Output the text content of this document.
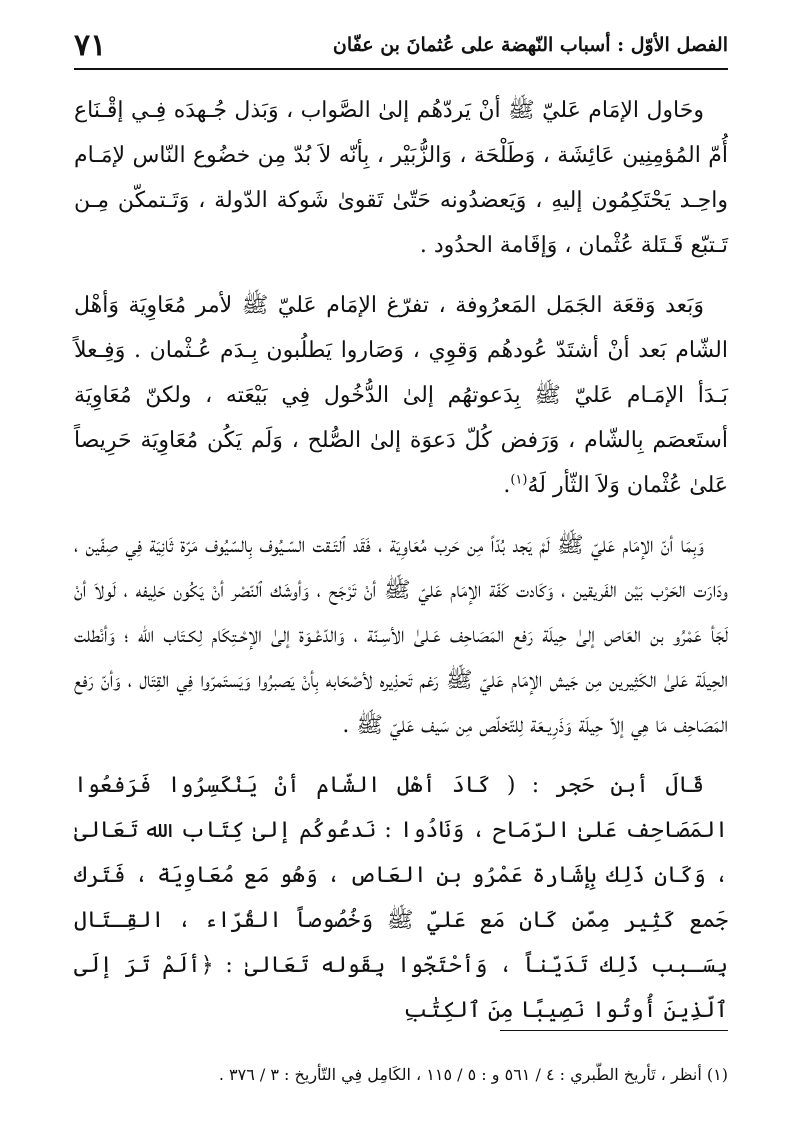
الفصل الأوّل : أسباب النّهضة على عُثمانَ بن عفّان
٧١

وحَاول الإمَام عَليّ ﷺ أنْ يَردّهُم إلىٰ الصَّواب ، وَبَذل جُـهدَه فِـي إقْـنَاع أُمّ المُؤمِنِين عَائِشَة ، وَطَلْحَة ، وَالزُّبَيْر ، بِأنّه لاَ بُدّ مِن خضُوع النّاس لإمَـام واحِـد يَحْتَكِمُون إليهِ ، وَيَعضدُونه حَتّىٰ تَقوىٰ شَوكة الدّولة ، وَتَـتمكّن مِـن تَـتبّع قَـتَلة عُثْمان ، وَإقَامة الحدُود .

وَبَعد وَقعَة الجَمَل المَعرُوفة ، تفرّغ الإمَام عَليّ ﷺ لأمر مُعَاوِيَة وَأهْل الشّام بَعد أنْ أشتَدّ عُودهُم وَقوِي ، وَصَاروا يَطلُبون بِـدَم عُـثْمان . وَفِـعلاً بَـدَأ الإمَـام عَليّ ﷺ بِدَعوتهُم إلىٰ الدُّخُول فِي بَيْعَته ، ولكنّ مُعَاوِيَة أستَعصَم بِالشّام ، وَرَفض كُلّ دَعوَة إلىٰ الصُّلح ، وَلَم يَكُن مُعَاوِيَة حَرِيصاً عَلىٰ عُثْمان وَلاَ الثّأر لَهُ$^{(١)}$.

وَبِمَا أنّ الإمَام عَليّ ﷺ لَمْ يَجد بُدّاً مِن حَرب مُعَاوِيَة ، فَقَد ٱلتَـقت السّـيُوف بِالسّيُوف مَرّة ثَانِيَة فِي صِفّين ، ودَارَت الحَرْب بَيْن الفَريقين ، وَكَادت كَفّة الإمَام عَليّ ﷺ أنْ تَرْجَح ، وَأوشَك ٱلنّصْر أنْ يَكُون حَلِيفه ، لَولاَ أنْ لَجَأ عَمْرُو بن العَاص إلىٰ حِيلَة رَفع المَصَاحِف عَـلىٰ الأسِـنّة ، وَالدّعْـوَة إلىٰ الإحْـتِكَام لِكـتَاب الله ؛ وَأنْطلت الحِيلَة عَلىٰ الكَثِيرين مِن جَيش الإمَام عَليّ ﷺ رَغم تَحذِيره لأصْحَابه بِأنْ يَصبرُوا وَيَستَمرّوا فِي القِتَال ، وَأنّ رَفع المَصَاحِف مَا هِي إلاّ حِيلَة وَذَرِيـعَة لِلتّخلّص مِن سَيف عَليّ ﷺ .

قَالَ أبن حَجر : ( كَادَ أهْل الشّام أنْ يَنْكَسِرُوا فَرَفعُوا المَصَاحِف عَلىٰ الرّمَاح ، وَنَادُوا : نَدعُوكُم إلىٰ كِتَاب الله تَعَالىٰ ، وَكَان ذَلِك بِإشَارة عَمْرُو بن العَاص ، وَهُو مَع مُعَاوِيَة ، فَتَرك جَمع كَثِير مِمّن كَان مَع عَليّ ﷺ وَخُصُوصاً القُرّاء ، القِـتَال بِسَـبب ذَلِك تَدَيّناً ، وَأحْتَجّوا بِقَوله تَعَالىٰ : ﴿ألَمْ تَرَ إلَى ٱلّذِينَ أُوتُوا نَصِيبًا مِنَ ٱلكِتَٰبِ

(١) أنظر ، تَأريخ الطّبري : ٤ / ٥٦١ و : ٥ / ١١٥ ، الكَامِل فِي التّأريخ : ٣ / ٣٧٦ .
